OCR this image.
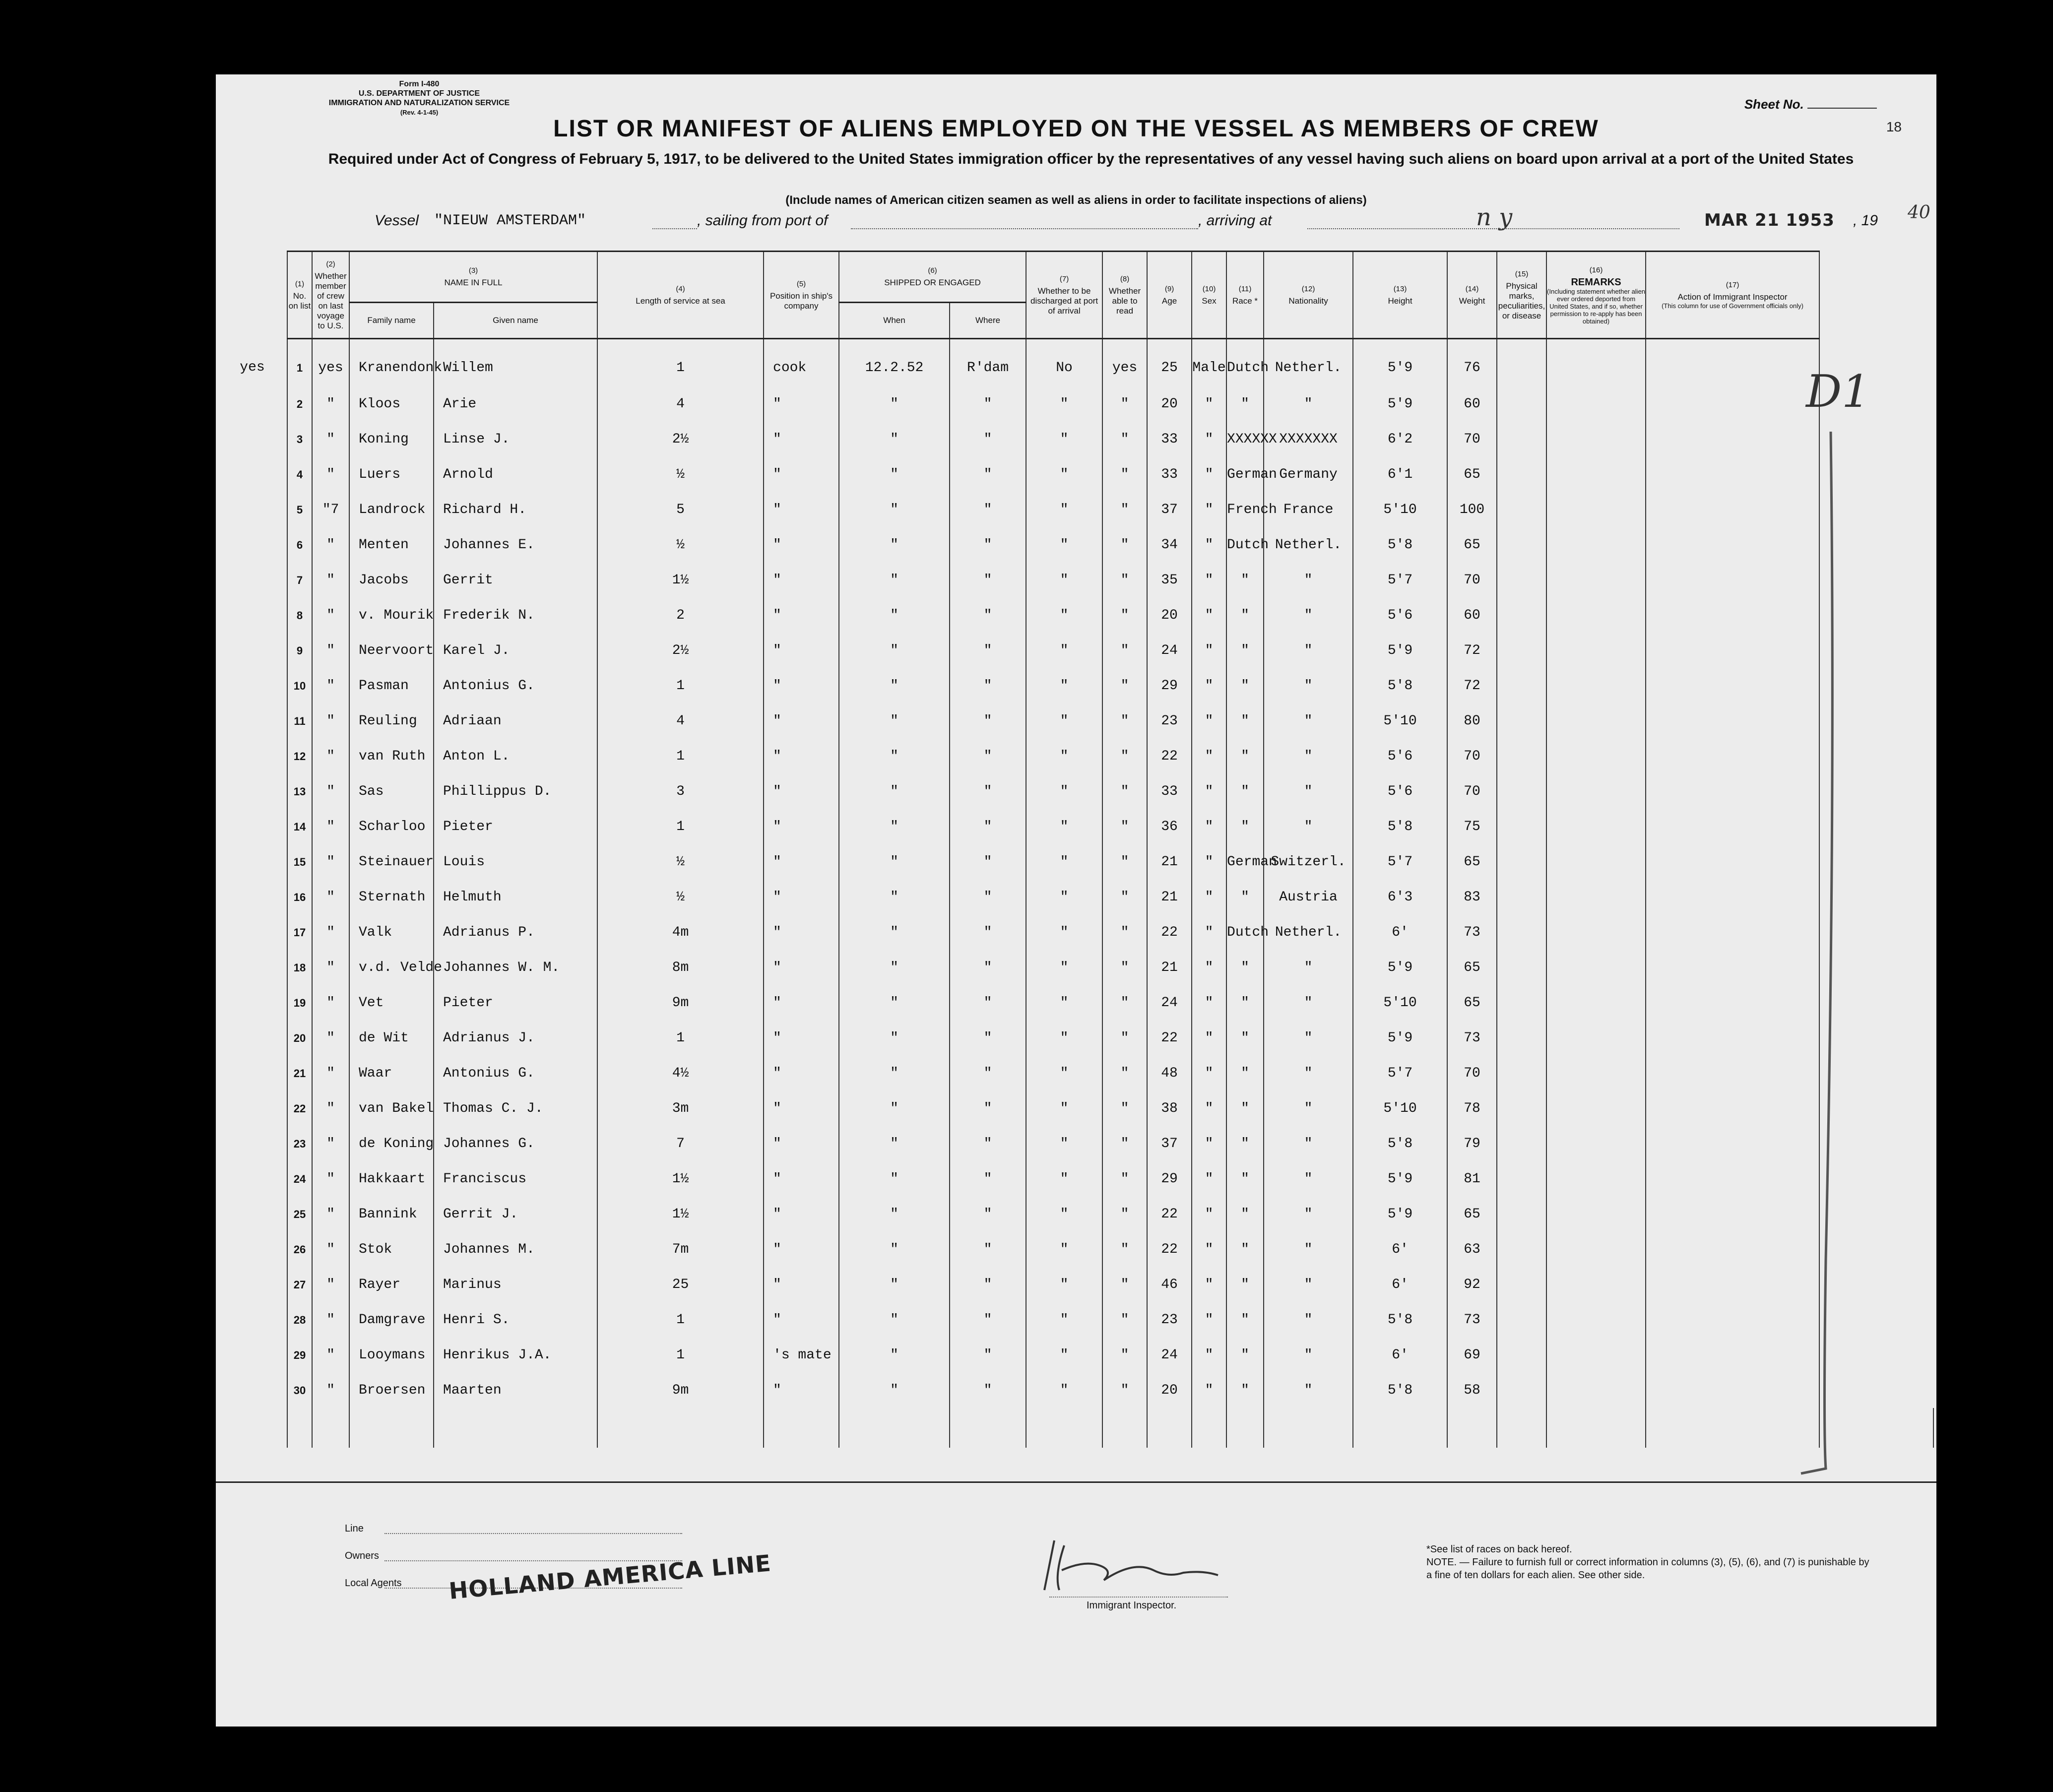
Form I-480
U.S. DEPARTMENT OF JUSTICE
IMMIGRATION AND NATURALIZATION SERVICE
(Rev. 4-1-45)
Sheet No.
18
LIST OR MANIFEST OF ALIENS EMPLOYED ON THE VESSEL AS MEMBERS OF CREW
Required under Act of Congress of February 5, 1917, to be delivered to the United States immigration officer by the representatives of any vessel having such aliens on board upon arrival at a port of the United States
(Include names of American citizen seamen as well as aliens in order to facilitate inspections of aliens)
Vessel "NIEUW AMSTERDAM"	, sailing from port of	, arriving at	n y	MAR 21 1953 , 19 40

	(1)
No. on list	(2)
Whether member of crew on last voyage to U.S.	(3)
NAME IN FULL		(4)
Length of service at sea	(5)
Position in ship's company	(6)
SHIPPED OR ENGAGED		(7)
Whether to be discharged at port of arrival	(8)
Whether able to read	(9)
Age	(10)
Sex	(11)
Race *	(12)
Nationality	(13)
Height	(14)
Weight	(15)
Physical marks, peculiarities, or disease	(16)
REMARKS

(Including statement whether alien ever ordered deported from United States, and if so, whether permission to re-apply has been obtained)	(17)
Action of Immigrant Inspector

(This column for use of Government officials only)		

			Family name	Given name			When	Where													
yes	1	yes	Kranendonk	Willem	1	cook	12.2.52	R'dam	No	yes	25	Male	Dutch	Netherl.	5'9	76					
	2	"	Kloos	Arie	4	"	"	"	"	"	20	"	"	"	5'9	60					
	3	"	Koning	Linse J.	2½	"	"	"	"	"	33	"	XXXXXX	XXXXXXX	6'2	70					
	4	"	Luers	Arnold	½	"	"	"	"	"	33	"	German	Germany	6'1	65					
	5	"7	Landrock	Richard H.	5	"	"	"	"	"	37	"	French	France	5'10	100					
	6	"	Menten	Johannes E.	½	"	"	"	"	"	34	"	Dutch	Netherl.	5'8	65					
	7	"	Jacobs	Gerrit	1½	"	"	"	"	"	35	"	"	"	5'7	70					
	8	"	v. Mourik	Frederik N.	2	"	"	"	"	"	20	"	"	"	5'6	60					
	9	"	Neervoort	Karel J.	2½	"	"	"	"	"	24	"	"	"	5'9	72					
	10	"	Pasman	Antonius G.	1	"	"	"	"	"	29	"	"	"	5'8	72					
	11	"	Reuling	Adriaan	4	"	"	"	"	"	23	"	"	"	5'10	80					
	12	"	van Ruth	Anton L.	1	"	"	"	"	"	22	"	"	"	5'6	70					
	13	"	Sas	Phillippus D.	3	"	"	"	"	"	33	"	"	"	5'6	70					
	14	"	Scharloo	Pieter	1	"	"	"	"	"	36	"	"	"	5'8	75					
	15	"	Steinauer	Louis	½	"	"	"	"	"	21	"	German	Switzerl.	5'7	65					
	16	"	Sternath	Helmuth	½	"	"	"	"	"	21	"	"	Austria	6'3	83					
	17	"	Valk	Adrianus P.	4m	"	"	"	"	"	22	"	Dutch	Netherl.	6'	73					
	18	"	v.d. Velde	Johannes W. M.	8m	"	"	"	"	"	21	"	"	"	5'9	65					
	19	"	Vet	Pieter	9m	"	"	"	"	"	24	"	"	"	5'10	65					
	20	"	de Wit	Adrianus J.	1	"	"	"	"	"	22	"	"	"	5'9	73					
	21	"	Waar	Antonius G.	4½	"	"	"	"	"	48	"	"	"	5'7	70					
	22	"	van Bakel	Thomas C. J.	3m	"	"	"	"	"	38	"	"	"	5'10	78					
	23	"	de Koning	Johannes G.	7	"	"	"	"	"	37	"	"	"	5'8	79					
	24	"	Hakkaart	Franciscus	1½	"	"	"	"	"	29	"	"	"	5'9	81					
	25	"	Bannink	Gerrit J.	1½	"	"	"	"	"	22	"	"	"	5'9	65					
	26	"	Stok	Johannes M.	7m	"	"	"	"	"	22	"	"	"	6'	63					
	27	"	Rayer	Marinus	25	"	"	"	"	"	46	"	"	"	6'	92					
	28	"	Damgrave	Henri S.	1	"	"	"	"	"	23	"	"	"	5'8	73					
	29	"	Looymans	Henrikus J.A.	1	's mate	"	"	"	"	24	"	"	"	6'	69					
	30	"	Broersen	Maarten	9m	"	"	"	"	"	20	"	"	"	5'8	58					

D1
Line
Owners
Local Agents HOLLAND AMERICA LINE
Immigrant Inspector.
*See list of races on back hereof.
NOTE. — Failure to furnish full or correct information in columns (3), (5), (6), and (7) is punishable by a fine of ten dollars for each alien. See other side.
